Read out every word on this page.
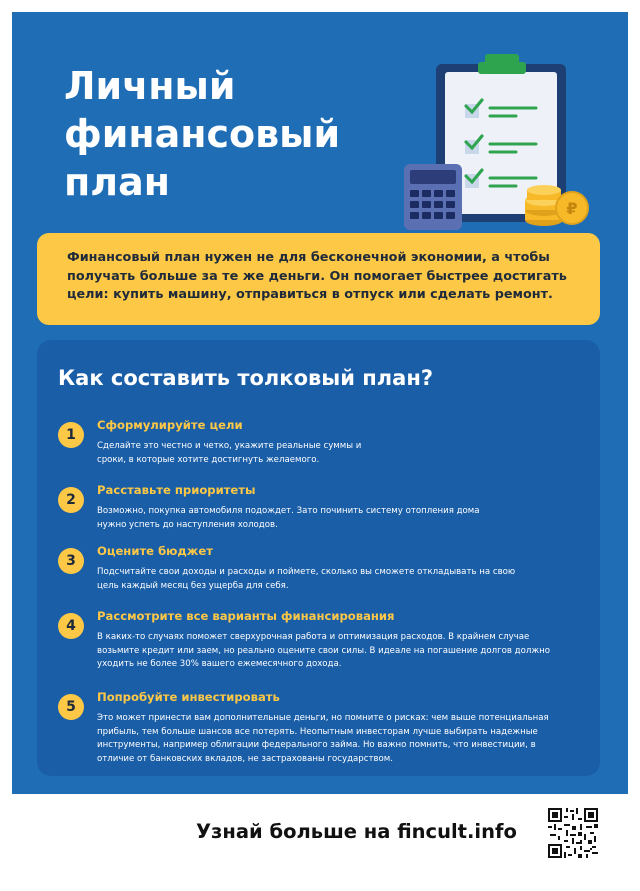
Личный
финансовый
план
₽

Финансовый план нужен не для бесконечной экономии, а чтобы получать больше за те же деньги. Он помогает быстрее достигать цели: купить машину, отправиться в отпуск или сделать ремонт.

Как составить толковый план?
1
Сформулируйте цели
Сделайте это честно и четко, укажите реальные суммы и сроки, в которые хотите достигнуть желаемого.
2
Расставьте приоритеты
Возможно, покупка автомобиля подождет. Зато починить систему отопления дома нужно успеть до наступления холодов.
3
Оцените бюджет
Подсчитайте свои доходы и расходы и поймете, сколько вы сможете откладывать на свою цель каждый месяц без ущерба для себя.
4
Рассмотрите все варианты финансирования
В каких-то случаях поможет сверхурочная работа и оптимизация расходов. В крайнем случае возьмите кредит или заем, но реально оцените свои силы. В идеале на погашение долгов должно уходить не более 30% вашего ежемесячного дохода.
5
Попробуйте инвестировать
Это может принести вам дополнительные деньги, но помните о рисках: чем выше потенциальная прибыль, тем больше шансов все потерять. Неопытным инвесторам лучше выбирать надежные инструменты, например облигации федерального займа. Но важно помнить, что инвестиции, в отличие от банковских вкладов, не застрахованы государством.
Узнай больше на fincult.info
